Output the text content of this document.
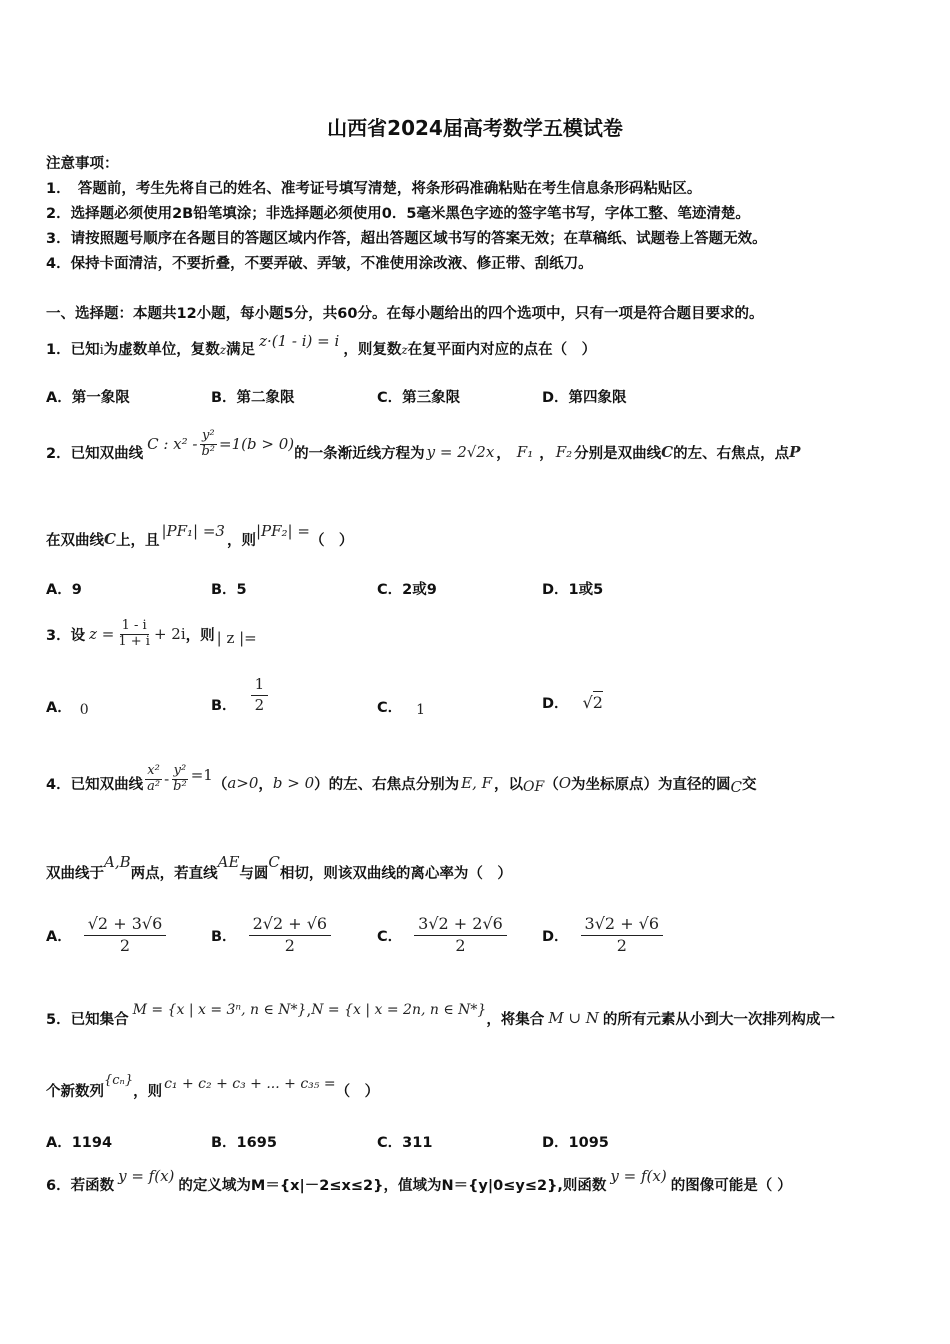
山西省2024届高考数学五模试卷
注意事项：
1．　答题前，考生先将自己的姓名、准考证号填写清楚，将条形码准确粘贴在考生信息条形码粘贴区。
2．选择题必须使用2B铅笔填涂；非选择题必须使用0．5毫米黑色字迹的签字笔书写，字体工整、笔迹清楚。
3．请按照题号顺序在各题目的答题区域内作答，超出答题区域书写的答案无效；在草稿纸、试题卷上答题无效。
4．保持卡面清洁，不要折叠，不要弄破、弄皱，不准使用涂改液、修正带、刮纸刀。
一、选择题：本题共12小题，每小题5分，共60分。在每小题给出的四个选项中，只有一项是符合题目要求的。
1．已知i为虚数单位，复数z满足 z·(1 - i) = i ，则复数z在复平面内对应的点在（　）
A．第一象限	B．第二象限	C．第三象限	D．第四象限
2．已知双曲线
C : $x^2 - \frac{\text{y²}}{\text{b²}} =1(b > 0)$
的一条渐近线方程为 y = 2√2x ， F₁ ， F₂ 分别是双曲线 C 的左、右焦点，点 P
在双曲线 C 上，且
|PF₁| =3
，则
|PF₂| =
（　）
A．9	B．5	C．2或9	D．1或5
3．设 $z = \frac{1 - i}{1 + i} + 2i$ ，则 | z |=
A． 0	B． $\frac{1}{2}$	C． 1	D． √2
4．已知双曲线 $\frac{\text{x²}}{\text{a²}} - \frac{\text{y²}}{\text{b²}} =1$
（ a>0 ， b > 0 ）的左、右焦点分别为 E, F ，以 OF （ O 为坐标原点）为直径的圆 C 交
双曲线于
A,B
两点，若直线
AE
与圆
C
相切，则该双曲线的离心率为（　）
A． $\frac{√2 + 3√6}{2}$	B． $\frac{2√2 + √6}{2}$	C． $\frac{3√2 + 2√6}{2}$ D． $\frac{3√2 + √6}{2}$
5．已知集合
M = {x | x = 3ⁿ, n ∈ N*} , N = {x | x = 2n, n ∈ N*}
，将集合 M ∪ N 的所有元素从小到大一次排列构成一
个新数列
{cₙ}
，则 c₁ + c₂ + c₃ + ... + c₃₅ = （　）
A．1194	B．1695	C．311	D．1095
6．若函数
y = f(x)
的定义域为M＝{x|－2≤x≤2}，值域为N＝{y|0≤y≤2},则函数
y = f(x)
的图像可能是（ ）
